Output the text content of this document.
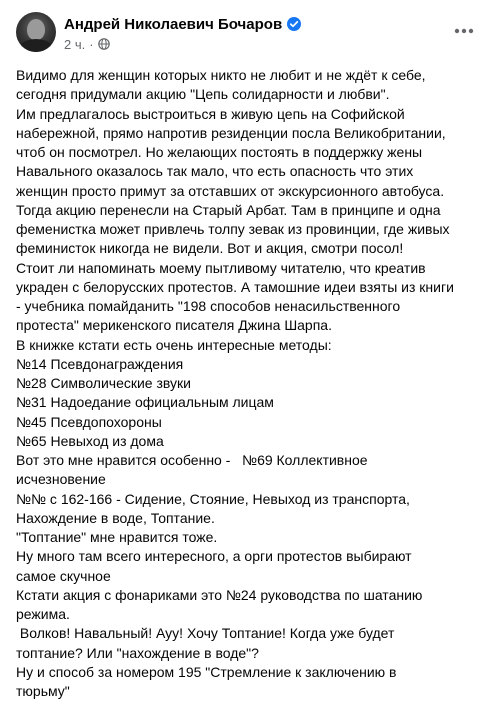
Андрей Николаевич Бочаров
2 ч. ·
Видимо для женщин которых никто не любит и не ждёт к себе,
сегодня придумали акцию "Цепь солидарности и любви".
Им предлагалось выстроиться в живую цепь на Софийской
набережной, прямо напротив резиденции посла Великобритании,
чтоб он посмотрел. Но желающих постоять в поддержку жены
Навального оказалось так мало, что есть опасность что этих
женщин просто примут за отставших от экскурсионного автобуса.
Тогда акцию перенесли на Старый Арбат. Там в принципе и одна
феменистка может привлечь толпу зевак из провинции, где живых
феминисток никогда не видели. Вот и акция, смотри посол!
Стоит ли напоминать моему пытливому читателю, что креатив
украден с белорусских протестов. А тамошние идеи взяты из книги
- учебника помайданить "198 способов ненасильственного
протеста" мерикенского писателя Джина Шарпа.
В книжке кстати есть очень интересные методы:
№14 Псевдонаграждения
№28 Символические звуки
№31 Надоедание официальным лицам
№45 Псевдопохороны
№65 Невыход из дома
Вот это мне нравится особенно -   №69 Коллективное
исчезновение
№№ с 162-166 - Сидение, Стояние, Невыход из транспорта,
Нахождение в воде, Топтание.
"Топтание" мне нравится тоже.
Ну много там всего интересного, а орги протестов выбирают
самое скучное
Кстати акция с фонариками это №24 руководства по шатанию
режима.
Волков! Навальный! Ауу! Хочу Топтание! Когда уже будет
топтание? Или "нахождение в воде"?
Ну и способ за номером 195 "Стремление к заключению в
тюрьму"
